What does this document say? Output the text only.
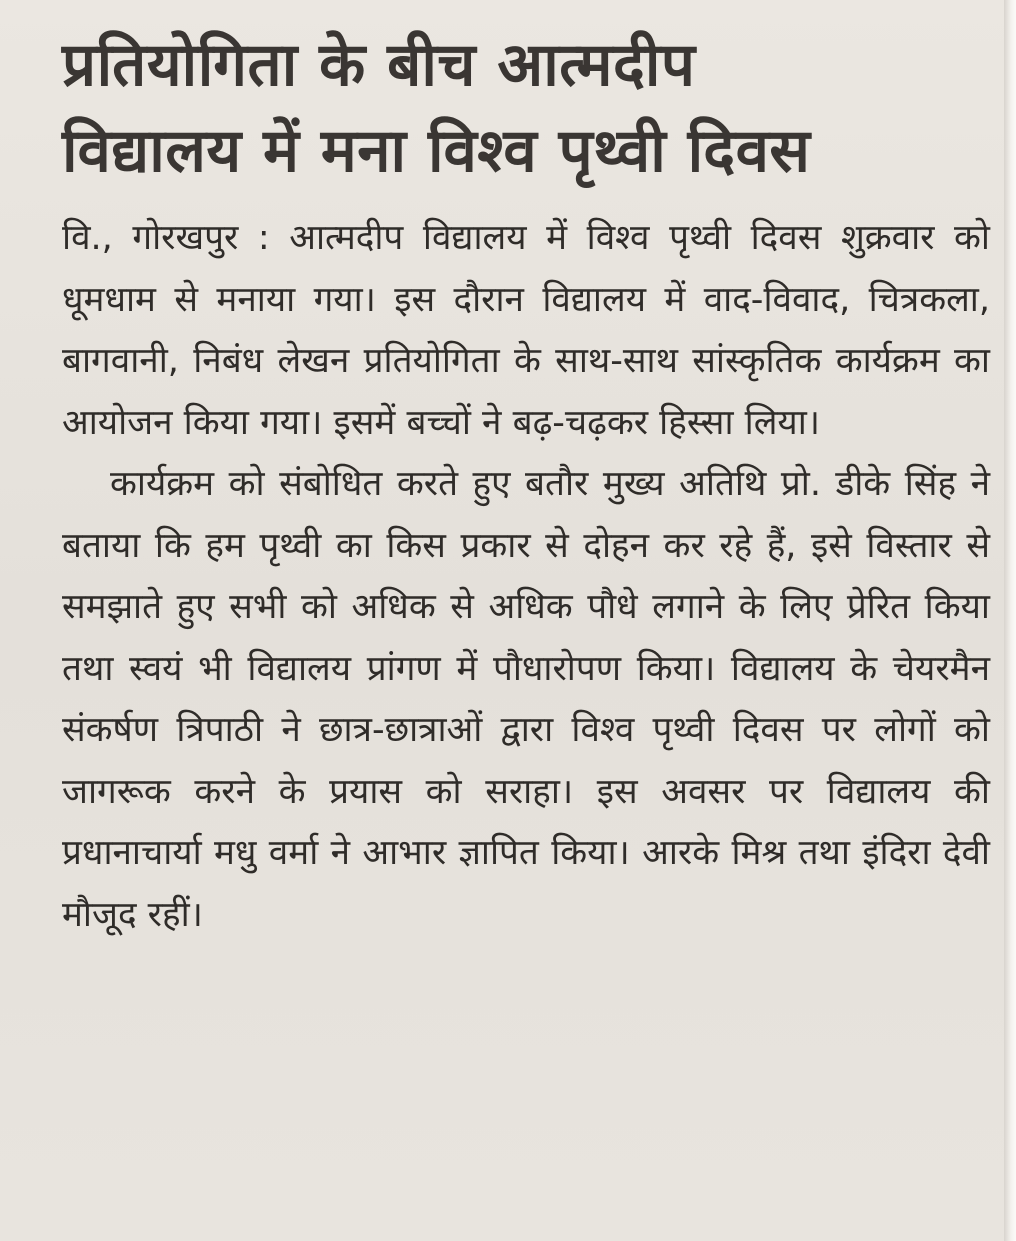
प्रतियोगिता के बीच आत्मदीप
विद्यालय में मना विश्व पृथ्वी दिवस

वि., गोरखपुर : आत्मदीप विद्यालय में विश्व पृथ्वी दिवस शुक्रवार को धूमधाम से मनाया गया। इस दौरान विद्यालय में वाद-विवाद, चित्रकला, बागवानी, निबंध लेखन प्रतियोगिता के साथ-साथ सांस्कृतिक कार्यक्रम का आयोजन किया गया। इसमें बच्चों ने बढ़-चढ़कर हिस्सा लिया।

कार्यक्रम को संबोधित करते हुए बतौर मुख्य अतिथि प्रो. डीके सिंह ने बताया कि हम पृथ्वी का किस प्रकार से दोहन कर रहे हैं, इसे विस्तार से समझाते हुए सभी को अधिक से अधिक पौधे लगाने के लिए प्रेरित किया तथा स्वयं भी विद्यालय प्रांगण में पौधारोपण किया। विद्यालय के चेयरमैन संकर्षण त्रिपाठी ने छात्र-छात्राओं द्वारा विश्व पृथ्वी दिवस पर लोगों को जागरूक करने के प्रयास को सराहा। इस अवसर पर विद्यालय की प्रधानाचार्या मधु वर्मा ने आभार ज्ञापित किया। आरके मिश्र तथा इंदिरा देवी मौजूद रहीं।
